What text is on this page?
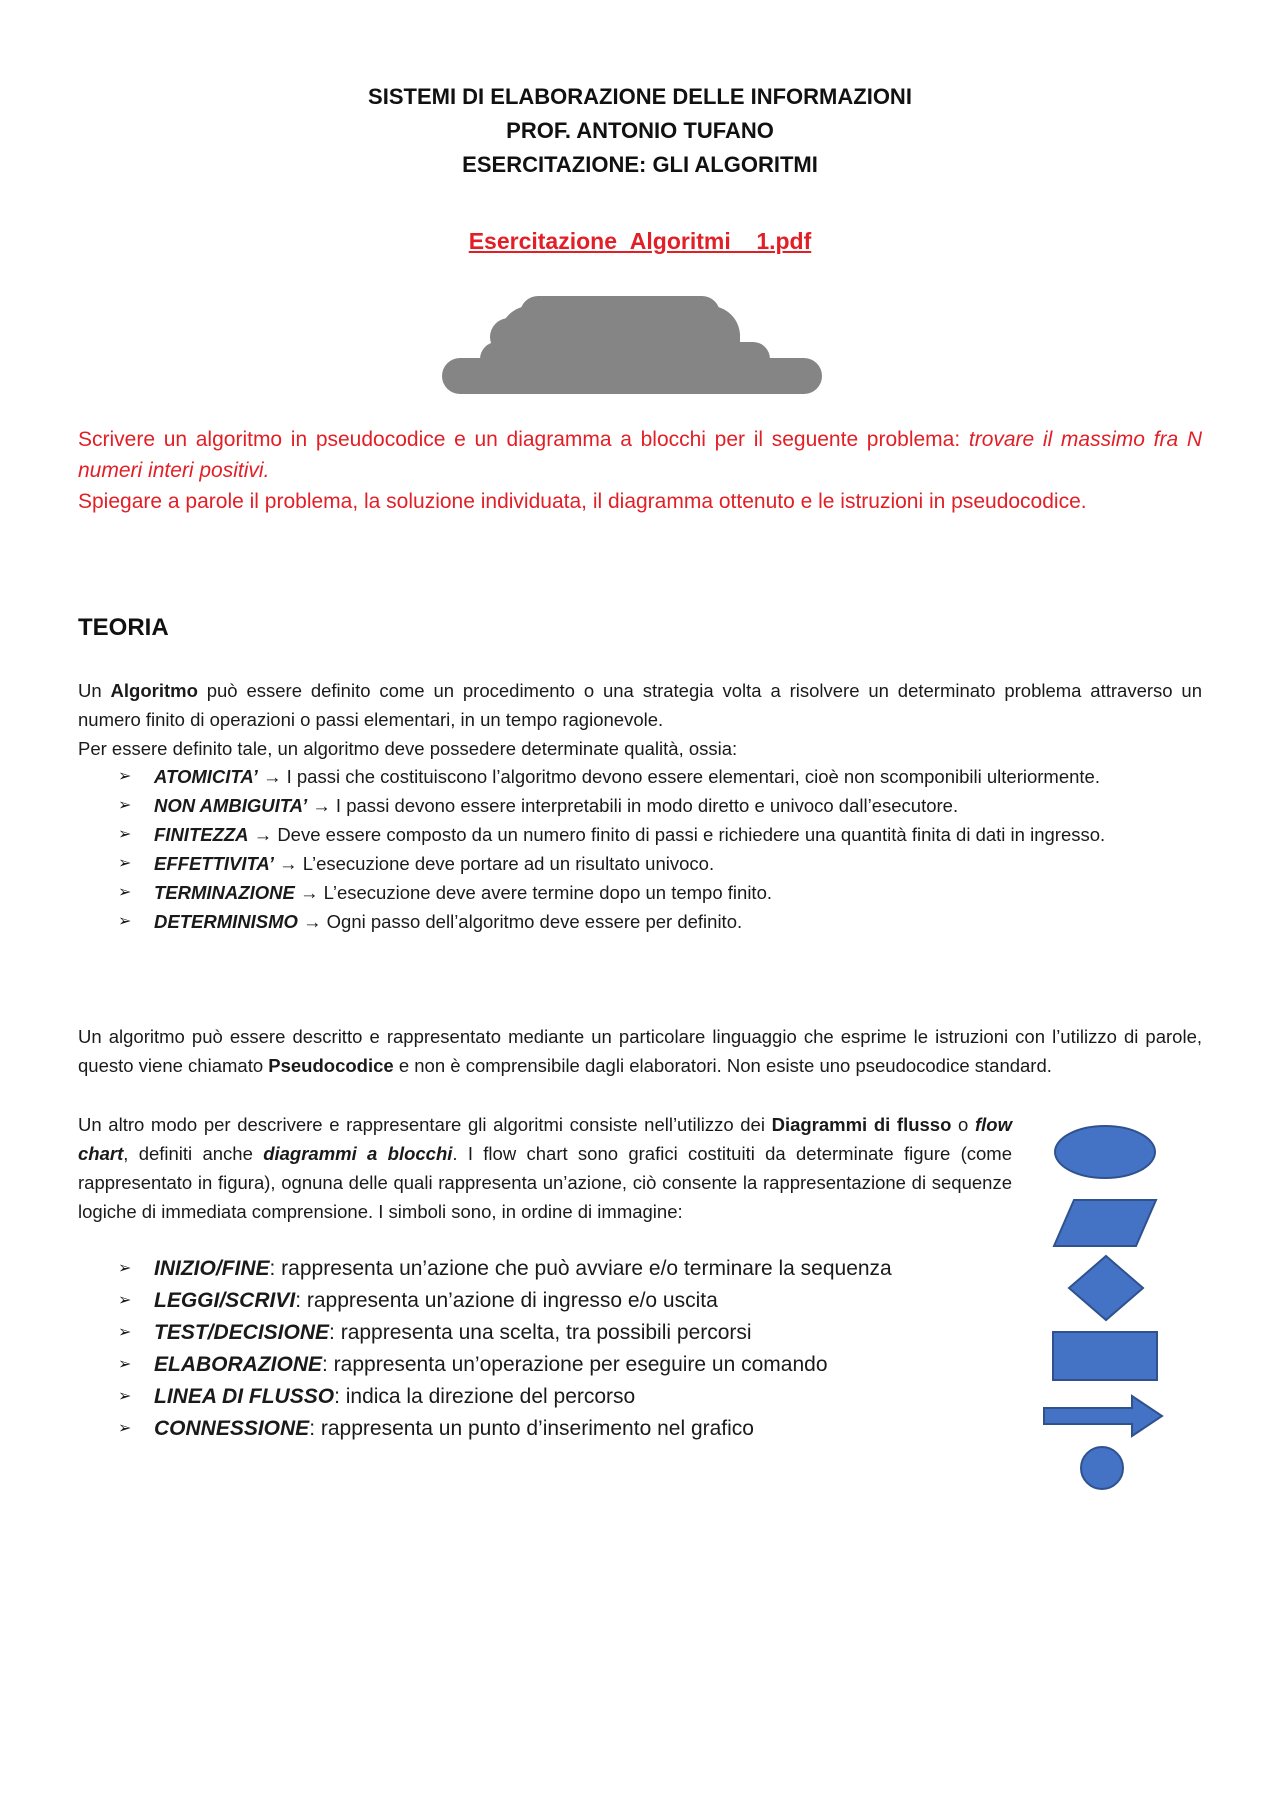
SISTEMI DI ELABORAZIONE DELLE INFORMAZIONI
PROF. ANTONIO TUFANO
ESERCITAZIONE: GLI ALGORITMI
Esercitazione_Algoritmi__1.pdf

Scrivere un algoritmo in pseudocodice e un diagramma a blocchi per il seguente problema: trovare il massimo fra N numeri interi positivi.

Spiegare a parole il problema, la soluzione individuata, il diagramma ottenuto e le istruzioni in pseudocodice.

TEORIA

Un Algoritmo può essere definito come un procedimento o una strategia volta a risolvere un determinato problema attraverso un numero finito di operazioni o passi elementari, in un tempo ragionevole.

Per essere definito tale, un algoritmo deve possedere determinate qualità, ossia:

➢ ATOMICITA’ → I passi che costituiscono l’algoritmo devono essere elementari, cioè non scomponibili ulteriormente.
➢ NON AMBIGUITA’ → I passi devono essere interpretabili in modo diretto e univoco dall’esecutore.
➢ FINITEZZA → Deve essere composto da un numero finito di passi e richiedere una quantità finita di dati in ingresso.
➢ EFFETTIVITA’ → L’esecuzione deve portare ad un risultato univoco.
➢ TERMINAZIONE → L’esecuzione deve avere termine dopo un tempo finito.
➢ DETERMINISMO → Ogni passo dell’algoritmo deve essere per definito.

Un algoritmo può essere descritto e rappresentato mediante un particolare linguaggio che esprime le istruzioni con l’utilizzo di parole, questo viene chiamato Pseudocodice e non è comprensibile dagli elaboratori. Non esiste uno pseudocodice standard.

Un altro modo per descrivere e rappresentare gli algoritmi consiste nell’utilizzo dei Diagrammi di flusso o flow chart, definiti anche diagrammi a blocchi. I flow chart sono grafici costituiti da determinate figure (come rappresentato in figura), ognuna delle quali rappresenta un’azione, ciò consente la rappresentazione di sequenze logiche di immediata comprensione. I simboli sono, in ordine di immagine:

➢ INIZIO/FINE: rappresenta un’azione che può avviare e/o terminare la sequenza
➢ LEGGI/SCRIVI: rappresenta un’azione di ingresso e/o uscita
➢ TEST/DECISIONE: rappresenta una scelta, tra possibili percorsi
➢ ELABORAZIONE: rappresenta un’operazione per eseguire un comando
➢ LINEA DI FLUSSO: indica la direzione del percorso
➢ CONNESSIONE: rappresenta un punto d’inserimento nel grafico
